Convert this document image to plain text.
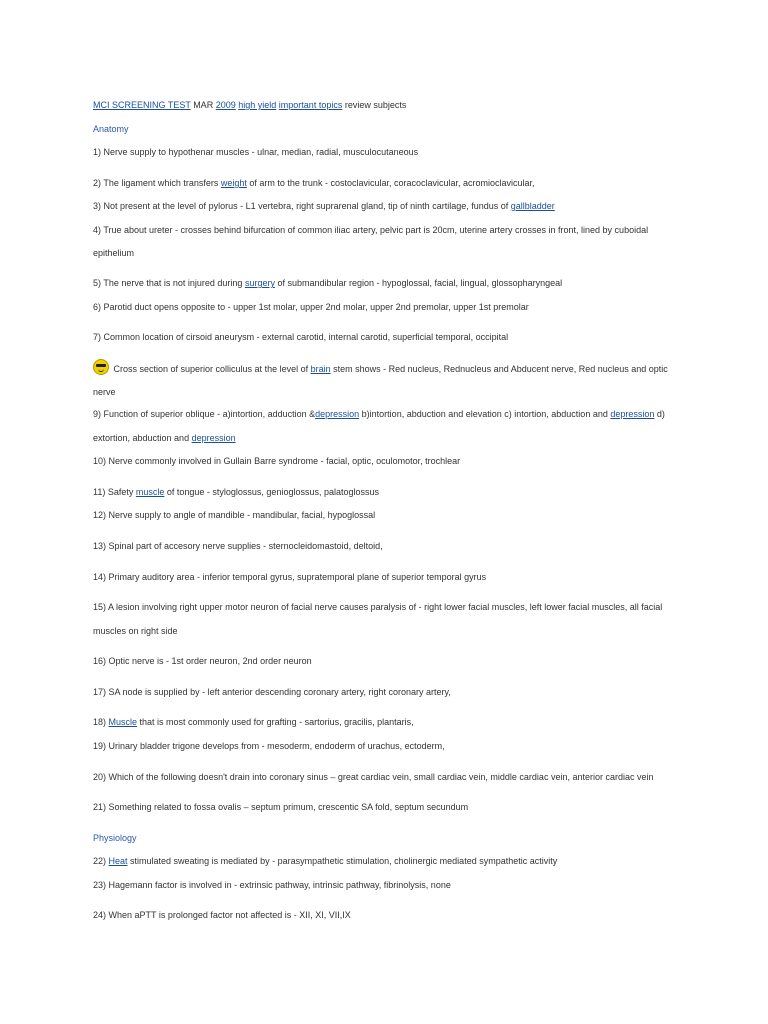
MCI SCREENING TEST MAR 2009 high yield important topics review subjects
Anatomy
1) Nerve supply to hypothenar muscles - ulnar, median, radial, musculocutaneous
2) The ligament which transfers weight of arm to the trunk - costoclavicular, coracoclavicular, acromioclavicular,
3) Not present at the level of pylorus - L1 vertebra, right suprarenal gland, tip of ninth cartilage, fundus of gallbladder
4) True about ureter - crosses behind bifurcation of common iliac artery, pelvic part is 20cm, uterine artery crosses in front, lined by cuboidal
epithelium
5) The nerve that is not injured during surgery of submandibular region - hypoglossal, facial, lingual, glossopharyngeal
6) Parotid duct opens opposite to - upper 1st molar, upper 2nd molar, upper 2nd premolar, upper 1st premolar
7) Common location of cirsoid aneurysm - external carotid, internal carotid, superficial temporal, occipital
Cross section of superior colliculus at the level of brain stem shows - Red nucleus, Rednucleus and Abducent nerve, Red nucleus and optic
nerve
9) Function of superior oblique - a)intortion, adduction &depression b)intortion, abduction and elevation c) intortion, abduction and depression d)
extortion, abduction and depression
10) Nerve commonly involved in Gullain Barre syndrome - facial, optic, oculomotor, trochlear
11) Safety muscle of tongue - styloglossus, genioglossus, palatoglossus
12) Nerve supply to angle of mandible - mandibular, facial, hypoglossal
13) Spinal part of accesory nerve supplies - sternocleidomastoid, deltoid,
14) Primary auditory area - inferior temporal gyrus, supratemporal plane of superior temporal gyrus
15) A lesion involving right upper motor neuron of facial nerve causes paralysis of - right lower facial muscles, left lower facial muscles, all facial
muscles on right side
16) Optic nerve is - 1st order neuron, 2nd order neuron
17) SA node is supplied by - left anterior descending coronary artery, right coronary artery,
18) Muscle that is most commonly used for grafting - sartorius, gracilis, plantaris,
19) Urinary bladder trigone develops from - mesoderm, endoderm of urachus, ectoderm,
20) Which of the following doesn't drain into coronary sinus – great cardiac vein, small cardiac vein, middle cardiac vein, anterior cardiac vein
21) Something related to fossa ovalis – septum primum, crescentic SA fold, septum secundum
Physiology
22) Heat stimulated sweating is mediated by - parasympathetic stimulation, cholinergic mediated sympathetic activity
23) Hagemann factor is involved in - extrinsic pathway, intrinsic pathway, fibrinolysis, none
24) When aPTT is prolonged factor not affected is - XII, XI, VII,IX
